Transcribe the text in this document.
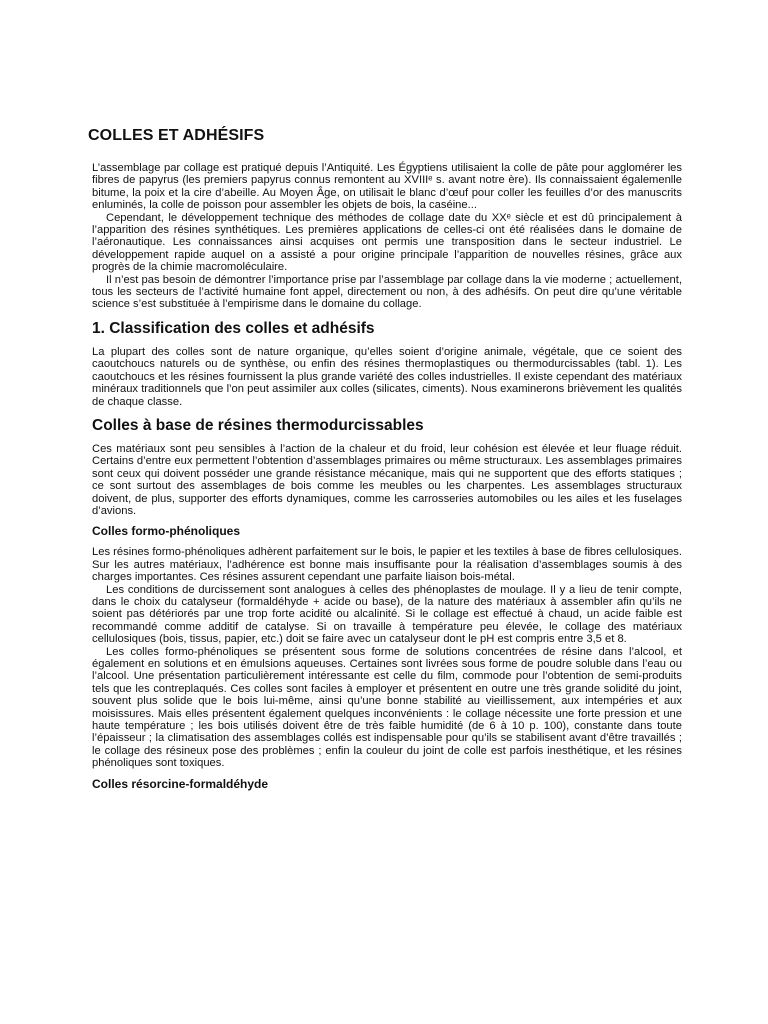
COLLES ET ADHÉSIFS

L’assemblage par collage est pratiqué depuis l’Antiquité. Les Égyptiens utilisaient la colle de pâte pour agglomérer les fibres de papyrus (les premiers papyrus connus remontent au XVIIIᵉ s. avant notre ère). Ils connaissaient égalemenlle bitume, la poix et la cire d’abeille. Au Moyen Âge, on utilisait le blanc d’œuf pour coller les feuilles d’or des manuscrits enluminés, la colle de poisson pour assembler les objets de bois, la caséine...

Cependant, le développement technique des méthodes de collage date du XXᵉ siècle et est dû principalement à l’apparition des résines synthétiques. Les premières applications de celles-ci ont été réalisées dans le domaine de l’aéronautique. Les connaissances ainsi acquises ont permis une transposition dans le secteur industriel. Le développement rapide auquel on a assisté a pour origine principale l’apparition de nouvelles résines, grâce aux progrès de la chimie macromoléculaire.

Il n’est pas besoin de démontrer l’importance prise par l’assemblage par collage dans la vie moderne ; actuellement, tous les secteurs de l’activité humaine font appel, directement ou non, à des adhésifs. On peut dire qu’une véritable science s’est substituée à l’empirisme dans le domaine du collage.

1. Classification des colles et adhésifs

La plupart des colles sont de nature organique, qu’elles soient d’origine animale, végétale, que ce soient des caoutchoucs naturels ou de synthèse, ou enfin des résines thermoplastiques ou thermodurcissables (tabl. 1). Les caoutchoucs et les résines fournissent la plus grande variété des colles industrielles. Il existe cependant des matériaux minéraux traditionnels que l’on peut assimiler aux colles (silicates, ciments). Nous examinerons brièvement les qualités de chaque classe.

Colles à base de résines thermodurcissables

Ces matériaux sont peu sensibles à l’action de la chaleur et du froid, leur cohésion est élevée et leur fluage réduit. Certains d’entre eux permettent l’obtention d’assemblages primaires ou même structuraux. Les assemblages primaires sont ceux qui doivent posséder une grande résistance mécanique, mais qui ne supportent que des efforts statiques ; ce sont surtout des assemblages de bois comme les meubles ou les charpentes. Les assemblages structuraux doivent, de plus, supporter des efforts dynamiques, comme les carrosseries automobiles ou les ailes et les fuselages d’avions.

Colles formo-phénoliques

Les résines formo-phénoliques adhèrent parfaitement sur le bois, le papier et les textiles à base de fibres cellulosiques. Sur les autres matériaux, l’adhérence est bonne mais insuffisante pour la réalisation d’assemblages soumis à des charges importantes. Ces résines assurent cependant une parfaite liaison bois-métal.

Les conditions de durcissement sont analogues à celles des phénoplastes de moulage. Il y a lieu de tenir compte, dans le choix du catalyseur (formaldéhyde + acide ou base), de la nature des matériaux à assembler afin qu’ils ne soient pas détériorés par une trop forte acidité ou alcalinité. Si le collage est effectué à chaud, un acide faible est recommandé comme additif de catalyse. Si on travaille à température peu élevée, le collage des matériaux cellulosiques (bois, tissus, papier, etc.) doit se faire avec un catalyseur dont le pH est compris entre 3,5 et 8.

Les colles formo-phénoliques se présentent sous forme de solutions concentrées de résine dans l’alcool, et également en solutions et en émulsions aqueuses. Certaines sont livrées sous forme de poudre soluble dans l’eau ou l’alcool. Une présentation particulièrement intéressante est celle du film, commode pour l’obtention de semi-produits tels que les contreplaqués. Ces colles sont faciles à employer et présentent en outre une très grande solidité du joint, souvent plus solide que le bois lui-même, ainsi qu’une bonne stabilité au vieillissement, aux intempéries et aux moisissures. Mais elles présentent également quelques inconvénients : le collage nécessite une forte pression et une haute température ; les bois utilisés doivent être de très faible humidité (de 6 à 10 p. 100), constante dans toute l’épaisseur ; la climatisation des assemblages collés est indispensable pour qu’ils se stabilisent avant d’être travaillés ; le collage des résineux pose des problèmes ; enfin la couleur du joint de colle est parfois inesthétique, et les résines phénoliques sont toxiques.

Colles résorcine-formaldéhyde
